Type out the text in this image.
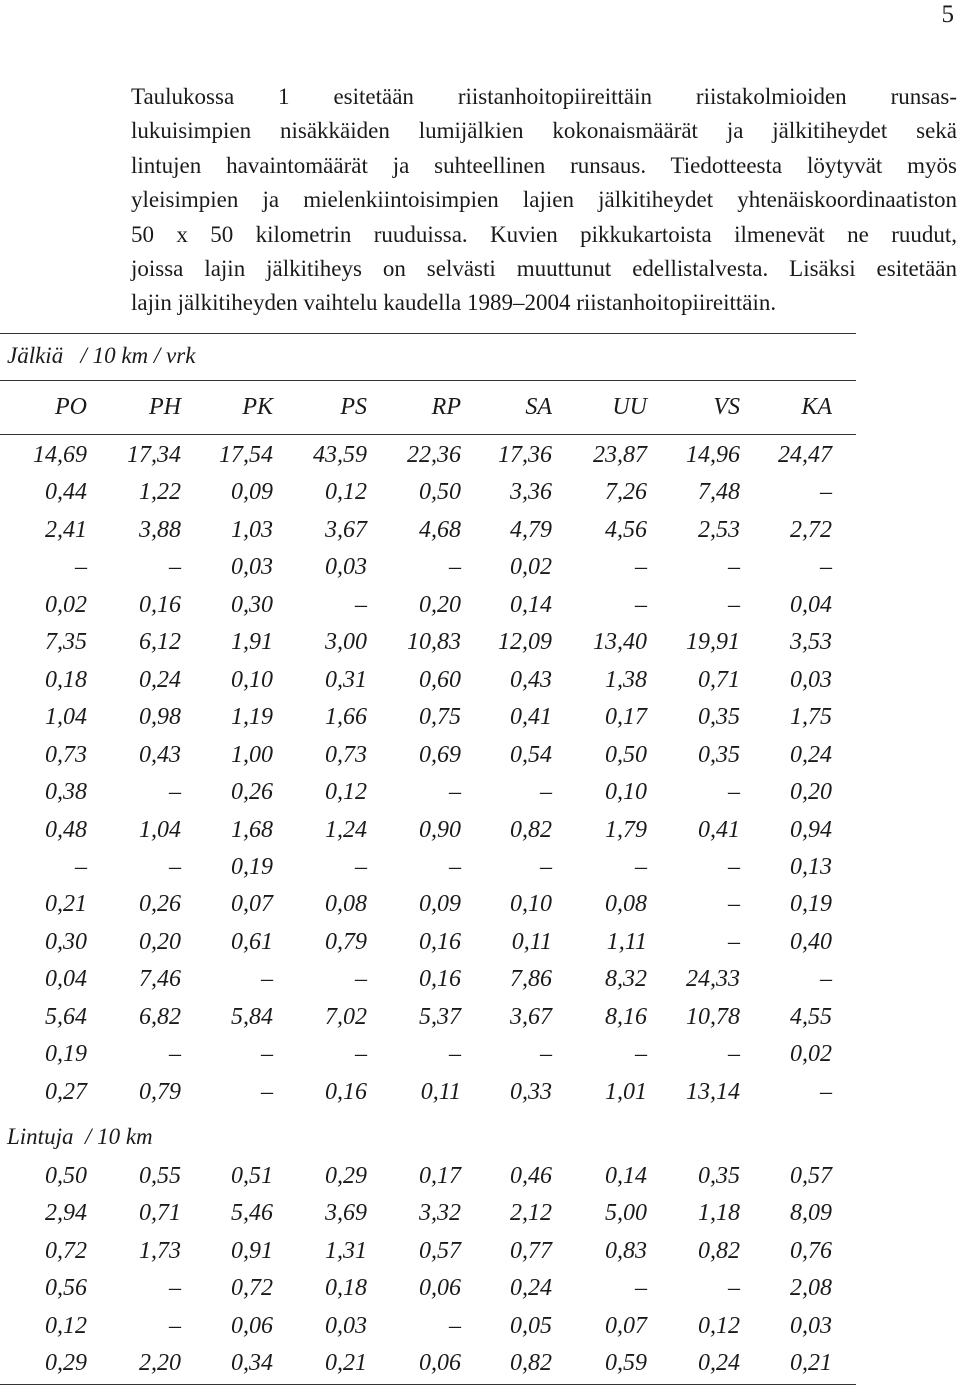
5
Taulukossa 1 esitetään riistanhoitopiireittäin riistakolmioiden runsas-
lukuisimpien nisäkkäiden lumijälkien kokonaismäärät ja jälkitiheydet sekä
lintujen havaintomäärät ja suhteellinen runsaus. Tiedotteesta löytyvät myös
yleisimpien ja mielenkiintoisimpien lajien jälkitiheydet yhtenäiskoordinaatiston
50 x 50 kilometrin ruuduissa. Kuvien pikkukartoista ilmenevät ne ruudut,
joissa lajin jälkitiheys on selvästi muuttunut edellistalvesta. Lisäksi esitetään
lajin jälkitiheyden vaihtelu kaudella 1989–2004 riistanhoitopiireittäin.
Jälkiä   / 10 km / vrk
PO	PH	PK	PS	RP	SA	UU	VS	KA
14,69	17,34	17,54	43,59	22,36	17,36	23,87	14,96	24,47
0,44	1,22	0,09	0,12	0,50	3,36	7,26	7,48	–
2,41	3,88	1,03	3,67	4,68	4,79	4,56	2,53	2,72
–	–	0,03	0,03	–	0,02	–	–	–
0,02	0,16	0,30	–	0,20	0,14	–	–	0,04
7,35	6,12	1,91	3,00	10,83	12,09	13,40	19,91	3,53
0,18	0,24	0,10	0,31	0,60	0,43	1,38	0,71	0,03
1,04	0,98	1,19	1,66	0,75	0,41	0,17	0,35	1,75
0,73	0,43	1,00	0,73	0,69	0,54	0,50	0,35	0,24
0,38	–	0,26	0,12	–	–	0,10	–	0,20
0,48	1,04	1,68	1,24	0,90	0,82	1,79	0,41	0,94
–	–	0,19	–	–	–	–	–	0,13
0,21	0,26	0,07	0,08	0,09	0,10	0,08	–	0,19
0,30	0,20	0,61	0,79	0,16	0,11	1,11	–	0,40
0,04	7,46	–	–	0,16	7,86	8,32	24,33	–
5,64	6,82	5,84	7,02	5,37	3,67	8,16	10,78	4,55
0,19	–	–	–	–	–	–	–	0,02
0,27	0,79	–	0,16	0,11	0,33	1,01	13,14	–
Lintuja  / 10 km
0,50	0,55	0,51	0,29	0,17	0,46	0,14	0,35	0,57
2,94	0,71	5,46	3,69	3,32	2,12	5,00	1,18	8,09
0,72	1,73	0,91	1,31	0,57	0,77	0,83	0,82	0,76
0,56	–	0,72	0,18	0,06	0,24	–	–	2,08
0,12	–	0,06	0,03	–	0,05	0,07	0,12	0,03
0,29	2,20	0,34	0,21	0,06	0,82	0,59	0,24	0,21
